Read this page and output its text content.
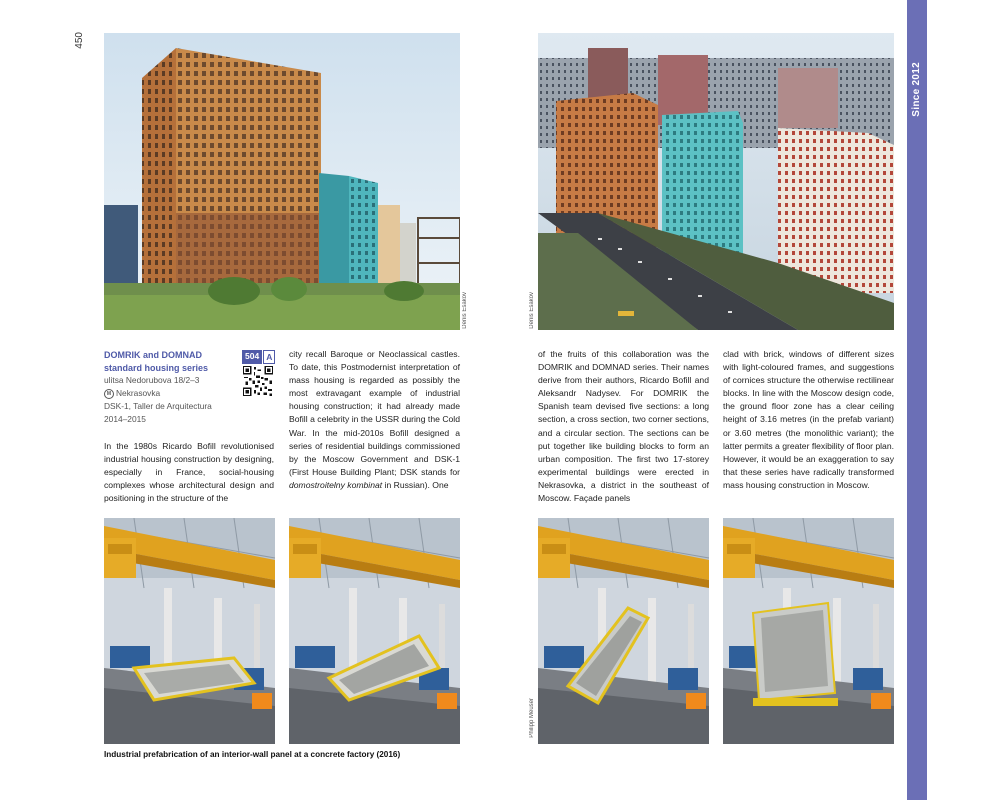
450
Since 2012
Denis Esakov	Denis Esakov
DOMRIK and DOMNAD
standard housing series
504 A
ulitsa Nedorubova 18/2–3
M Nekrasovka
DSK-1, Taller de Arquitectura
2014–2015

In the 1980s Ricardo Bofill revolutionised industrial housing construction by designing, especially in France, social-housing complexes whose architectural design and positioning in the structure of the

city recall Baroque or Neoclassical castles. To date, this Postmodernist interpretation of mass housing is regarded as possibly the most extravagant example of industrial housing construction; it had already made Bofill a celebrity in the USSR during the Cold War. In the mid-2010s Bofill designed a series of residential buildings commissioned by the Moscow Government and DSK-1 (First House Building Plant; DSK stands for domostroitelny kombinat in Russian). One

of the fruits of this collaboration was the DOMRIK and DOMNAD series. Their names derive from their authors, Ricardo Bofill and Aleksandr Nadysev. For DOMRIK the Spanish team devised five sections: a long section, a cross section, two corner sections, and a circular section. The sections can be put together like building blocks to form an urban composition. The first two 17-storey experimental buildings were erected in Nekrasovka, a district in the southeast of Moscow. Façade panels

clad with brick, windows of different sizes with light-coloured frames, and suggestions of cornices structure the otherwise rectilinear blocks. In line with the Moscow design code, the ground floor zone has a clear ceiling height of 3.16 metres (in the prefab variant) or 3.60 metres (the monolithic variant); the latter permits a greater flexibility of floor plan. However, it would be an exaggeration to say that these series have radically transformed mass housing construction in Moscow.

Philipp Meuser
Industrial prefabrication of an interior-wall panel at a concrete factory (2016)
